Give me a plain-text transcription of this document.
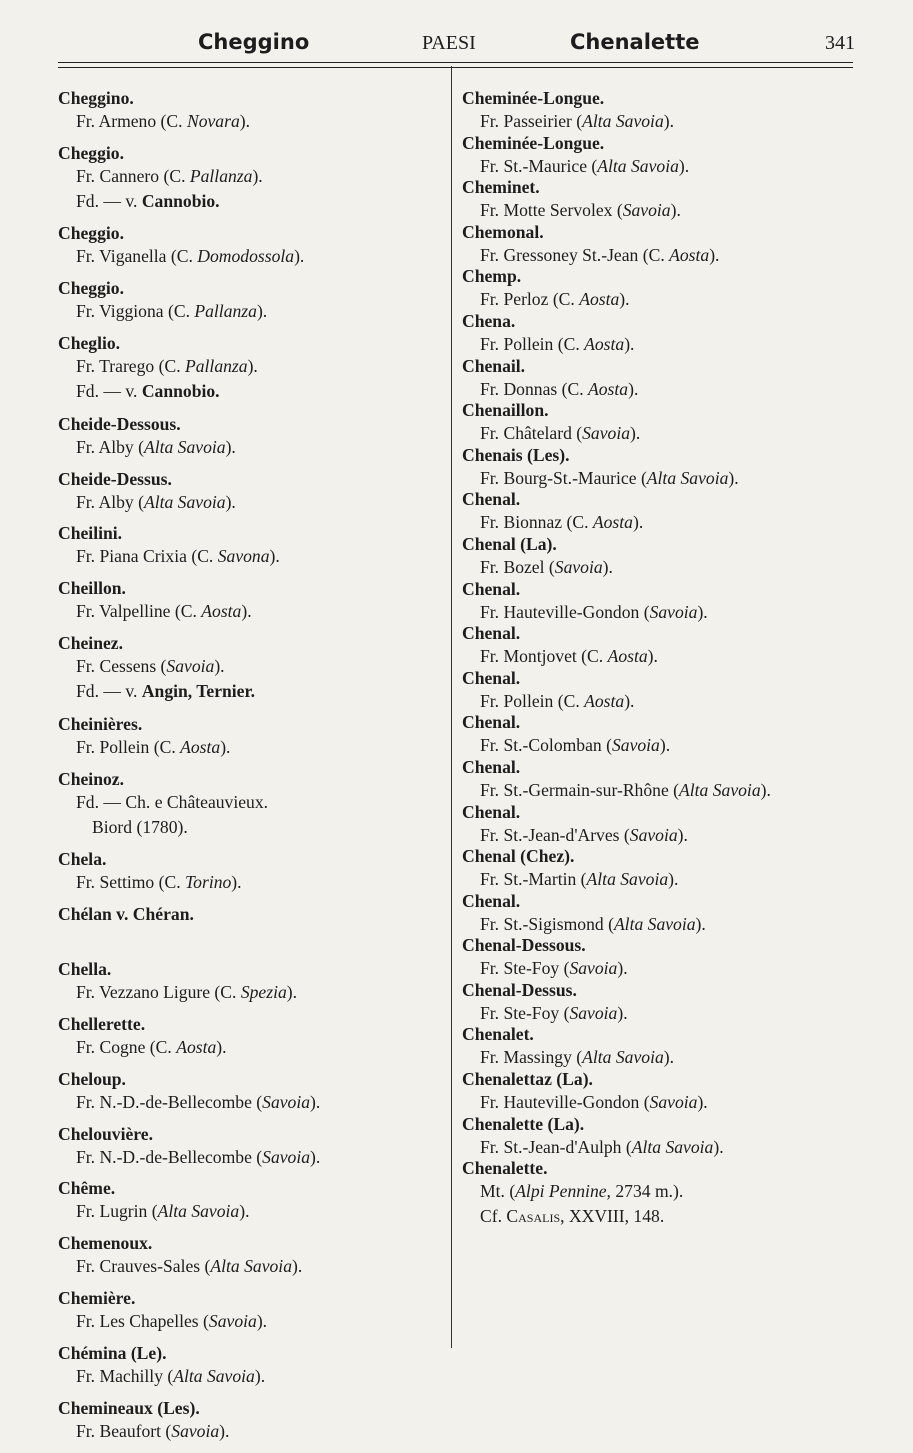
Cheggino	PAESI	Chenalette	341
Cheggino.
Fr. Armeno (C. Novara).
Cheggio.
Fr. Cannero (C. Pallanza).
Fd. — v. Cannobio.
Cheggio.
Fr. Viganella (C. Domodossola).
Cheggio.
Fr. Viggiona (C. Pallanza).
Cheglio.
Fr. Trarego (C. Pallanza).
Fd. — v. Cannobio.
Cheide-Dessous.
Fr. Alby (Alta Savoia).
Cheide-Dessus.
Fr. Alby (Alta Savoia).
Cheilini.
Fr. Piana Crixia (C. Savona).
Cheillon.
Fr. Valpelline (C. Aosta).
Cheinez.
Fr. Cessens (Savoia).
Fd. — v. Angin, Ternier.
Cheinières.
Fr. Pollein (C. Aosta).
Cheinoz.
Fd. — Ch. e Châteauvieux.
Biord (1780).
Chela.
Fr. Settimo (C. Torino).
Chélan v. Chéran.
Chella.
Fr. Vezzano Ligure (C. Spezia).
Chellerette.
Fr. Cogne (C. Aosta).
Cheloup.
Fr. N.-D.-de-Bellecombe (Savoia).
Chelouvière.
Fr. N.-D.-de-Bellecombe (Savoia).
Chême.
Fr. Lugrin (Alta Savoia).
Chemenoux.
Fr. Crauves-Sales (Alta Savoia).
Chemière.
Fr. Les Chapelles (Savoia).
Chémina (Le).
Fr. Machilly (Alta Savoia).
Chemineaux (Les).
Fr. Beaufort (Savoia).
Cheminée-Longue.
Fr. Passeirier (Alta Savoia).
Cheminée-Longue.
Fr. St.-Maurice (Alta Savoia).
Cheminet.
Fr. Motte Servolex (Savoia).
Chemonal.
Fr. Gressoney St.-Jean (C. Aosta).
Chemp.
Fr. Perloz (C. Aosta).
Chena.
Fr. Pollein (C. Aosta).
Chenail.
Fr. Donnas (C. Aosta).
Chenaillon.
Fr. Châtelard (Savoia).
Chenais (Les).
Fr. Bourg-St.-Maurice (Alta Savoia).
Chenal.
Fr. Bionnaz (C. Aosta).
Chenal (La).
Fr. Bozel (Savoia).
Chenal.
Fr. Hauteville-Gondon (Savoia).
Chenal.
Fr. Montjovet (C. Aosta).
Chenal.
Fr. Pollein (C. Aosta).
Chenal.
Fr. St.-Colomban (Savoia).
Chenal.
Fr. St.-Germain-sur-Rhône (Alta Savoia).
Chenal.
Fr. St.-Jean-d'Arves (Savoia).
Chenal (Chez).
Fr. St.-Martin (Alta Savoia).
Chenal.
Fr. St.-Sigismond (Alta Savoia).
Chenal-Dessous.
Fr. Ste-Foy (Savoia).
Chenal-Dessus.
Fr. Ste-Foy (Savoia).
Chenalet.
Fr. Massingy (Alta Savoia).
Chenalettaz (La).
Fr. Hauteville-Gondon (Savoia).
Chenalette (La).
Fr. St.-Jean-d'Aulph (Alta Savoia).
Chenalette.
Mt. (Alpi Pennine, 2734 m.).
Cf. Casalis, XXVIII, 148.
